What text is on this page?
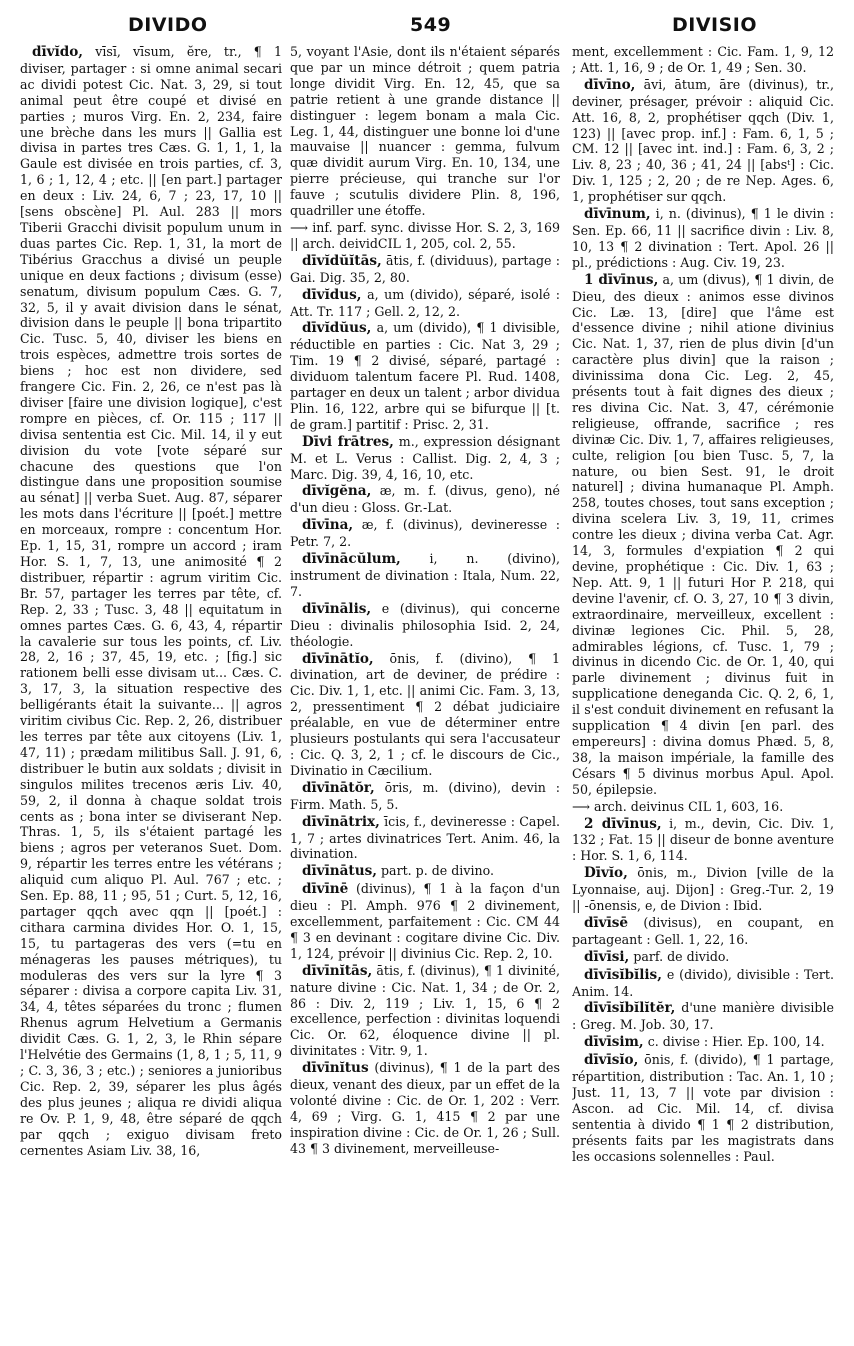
DIVIDO	549	DIVISIO

dīvĭdo, vīsī, vīsum, ĕre, tr., ¶ 1 diviser, partager : si omne animal secari ac dividi potest Cic. Nat. 3, 29, si tout animal peut être coupé et divisé en parties ; muros Virg. En. 2, 234, faire une brèche dans les murs || Gallia est divisa in partes tres Cæs. G. 1, 1, 1, la Gaule est divisée en trois parties, cf. 3, 1, 6 ; 1, 12, 4 ; etc. || [en part.] partager en deux : Liv. 24, 6, 7 ; 23, 17, 10 || [sens obscène] Pl. Aul. 283 || mors Tiberii Gracchi divisit populum unum in duas partes Cic. Rep. 1, 31, la mort de Tibérius Gracchus a divisé un peuple unique en deux factions ; divisum (esse) senatum, divisum populum Cæs. G. 7, 32, 5, il y avait division dans le sénat, division dans le peuple || bona tripartito Cic. Tusc. 5, 40, diviser les biens en trois espèces, admettre trois sortes de biens ; hoc est non dividere, sed frangere Cic. Fin. 2, 26, ce n'est pas là diviser [faire une division logique], c'est rompre en pièces, cf. Or. 115 ; 117 || divisa sententia est Cic. Mil. 14, il y eut division du vote [vote séparé sur chacune des questions que l'on distingue dans une proposition soumise au sénat] || verba Suet. Aug. 87, séparer les mots dans l'écriture || [poét.] mettre en morceaux, rompre : concentum Hor. Ep. 1, 15, 31, rompre un accord ; iram Hor. S. 1, 7, 13, une animosité ¶ 2 distribuer, répartir : agrum viritim Cic. Br. 57, partager les terres par tête, cf. Rep. 2, 33 ; Tusc. 3, 48 || equitatum in omnes partes Cæs. G. 6, 43, 4, répartir la cavalerie sur tous les points, cf. Liv. 28, 2, 16 ; 37, 45, 19, etc. ; [fig.] sic rationem belli esse divisam ut... Cæs. C. 3, 17, 3, la situation respective des belligérants était la suivante... || agros viritim civibus Cic. Rep. 2, 26, distribuer les terres par tête aux citoyens (Liv. 1, 47, 11) ; prædam militibus Sall. J. 91, 6, distribuer le butin aux soldats ; divisit in singulos milites trecenos æris Liv. 40, 59, 2, il donna à chaque soldat trois cents as ; bona inter se diviserant Nep. Thras. 1, 5, ils s'étaient partagé les biens ; agros per veteranos Suet. Dom. 9, répartir les terres entre les vétérans ; aliquid cum aliquo Pl. Aul. 767 ; etc. ; Sen. Ep. 88, 11 ; 95, 51 ; Curt. 5, 12, 16, partager qqch avec qqn || [poét.] : cithara carmina divides Hor. O. 1, 15, 15, tu partageras des vers (=tu en ménageras les pauses métriques), tu moduleras des vers sur la lyre ¶ 3 séparer : divisa a corpore capita Liv. 31, 34, 4, têtes séparées du tronc ; flumen Rhenus agrum Helvetium a Germanis dividit Cæs. G. 1, 2, 3, le Rhin sépare l'Helvétie des Germains (1, 8, 1 ; 5, 11, 9 ; C. 3, 36, 3 ; etc.) ; seniores a junioribus Cic. Rep. 2, 39, séparer les plus âgés des plus jeunes ; aliqua re dividi aliqua re Ov. P. 1, 9, 48, être séparé de qqch par qqch ; exiguo divisam freto cernentes Asiam Liv. 38, 16,

5, voyant l'Asie, dont ils n'étaient séparés que par un mince détroit ; quem patria longe dividit Virg. En. 12, 45, que sa patrie retient à une grande distance || distinguer : legem bonam a mala Cic. Leg. 1, 44, distinguer une bonne loi d'une mauvaise || nuancer : gemma, fulvum quæ dividit aurum Virg. En. 10, 134, une pierre précieuse, qui tranche sur l'or fauve ; scutulis dividere Plin. 8, 196, quadriller une étoffe.

⟶ inf. parf. sync. divisse Hor. S. 2, 3, 169 || arch. deividCIL 1, 205, col. 2, 55.

dīvĭdŭĭtās, ātis, f. (dividuus), partage : Gai. Dig. 35, 2, 80.

dīvĭdus, a, um (divido), séparé, isolé : Att. Tr. 117 ; Gell. 2, 12, 2.

dīvĭdŭus, a, um (divido), ¶ 1 divisible, réductible en parties : Cic. Nat 3, 29 ; Tim. 19 ¶ 2 divisé, séparé, partagé : dividuom talentum facere Pl. Rud. 1408, partager en deux un talent ; arbor dividua Plin. 16, 122, arbre qui se bifurque || [t. de gram.] partitif : Prisc. 2, 31.

Dīvi frātres, m., expression désignant M. et L. Verus : Callist. Dig. 2, 4, 3 ; Marc. Dig. 39, 4, 16, 10, etc.

dīvĭgĕna, æ, m. f. (divus, geno), né d'un dieu : Gloss. Gr.-Lat.

dīvīna, æ, f. (divinus), devineresse : Petr. 7, 2.

dīvīnācŭlum, i, n. (divino), instrument de divination : Itala, Num. 22, 7.

dīvīnālis, e (divinus), qui concerne Dieu : divinalis philosophia Isid. 2, 24, théologie.

dīvīnātĭo, ōnis, f. (divino), ¶ 1 divination, art de deviner, de prédire : Cic. Div. 1, 1, etc. || animi Cic. Fam. 3, 13, 2, pressentiment ¶ 2 débat judiciaire préalable, en vue de déterminer entre plusieurs postulants qui sera l'accusateur : Cic. Q. 3, 2, 1 ; cf. le discours de Cic., Divinatio in Cæcilium.

dīvīnātŏr, ōris, m. (divino), devin : Firm. Math. 5, 5.

dīvīnātrix, īcis, f., devineresse : Capel. 1, 7 ; artes divinatrices Tert. Anim. 46, la divination.

dīvīnātus, part. p. de divino.

dīvīnē (divinus), ¶ 1 à la façon d'un dieu : Pl. Amph. 976 ¶ 2 divinement, excellemment, parfaitement : Cic. CM 44 ¶ 3 en devinant : cogitare divine Cic. Div. 1, 124, prévoir || divinius Cic. Rep. 2, 10.

dīvīnĭtās, ātis, f. (divinus), ¶ 1 divinité, nature divine : Cic. Nat. 1, 34 ; de Or. 2, 86 : Div. 2, 119 ; Liv. 1, 15, 6 ¶ 2 excellence, perfection : divinitas loquendi Cic. Or. 62, éloquence divine || pl. divinitates : Vitr. 9, 1.

dīvīnĭtus (divinus), ¶ 1 de la part des dieux, venant des dieux, par un effet de la volonté divine : Cic. de Or. 1, 202 : Verr. 4, 69 ; Virg. G. 1, 415 ¶ 2 par une inspiration divine : Cic. de Or. 1, 26 ; Sull. 43 ¶ 3 divinement, merveilleuse-

ment, excellemment : Cic. Fam. 1, 9, 12 ; Att. 1, 16, 9 ; de Or. 1, 49 ; Sen. 30.

dīvīno, āvi, ātum, āre (divinus), tr., deviner, présager, prévoir : aliquid Cic. Att. 16, 8, 2, prophétiser qqch (Div. 1, 123) || [avec prop. inf.] : Fam. 6, 1, 5 ; CM. 12 || [avec int. ind.] : Fam. 6, 3, 2 ; Liv. 8, 23 ; 40, 36 ; 41, 24 || [absᵗ] : Cic. Div. 1, 125 ; 2, 20 ; de re Nep. Ages. 6, 1, prophétiser sur qqch.

dīvīnum, i, n. (divinus), ¶ 1 le divin : Sen. Ep. 66, 11 || sacrifice divin : Liv. 8, 10, 13 ¶ 2 divination : Tert. Apol. 26 || pl., prédictions : Aug. Civ. 19, 23.

1 dīvīnus, a, um (divus), ¶ 1 divin, de Dieu, des dieux : animos esse divinos Cic. Læ. 13, [dire] que l'âme est d'essence divine ; nihil atione divinius Cic. Nat. 1, 37, rien de plus divin [d'un caractère plus divin] que la raison ; divinissima dona Cic. Leg. 2, 45, présents tout à fait dignes des dieux ; res divina Cic. Nat. 3, 47, cérémonie religieuse, offrande, sacrifice ; res divinæ Cic. Div. 1, 7, affaires religieuses, culte, religion [ou bien Tusc. 5, 7, la nature, ou bien Sest. 91, le droit naturel] ; divina humanaque Pl. Amph. 258, toutes choses, tout sans exception ; divina scelera Liv. 3, 19, 11, crimes contre les dieux ; divina verba Cat. Agr. 14, 3, formules d'expiation ¶ 2 qui devine, prophétique : Cic. Div. 1, 63 ; Nep. Att. 9, 1 || futuri Hor P. 218, qui devine l'avenir, cf. O. 3, 27, 10 ¶ 3 divin, extraordinaire, merveilleux, excellent : divinæ legiones Cic. Phil. 5, 28, admirables légions, cf. Tusc. 1, 79 ; divinus in dicendo Cic. de Or. 1, 40, qui parle divinement ; divinus fuit in supplicatione deneganda Cic. Q. 2, 6, 1, il s'est conduit divinement en refusant la supplication ¶ 4 divin [en parl. des empereurs] : divina domus Phæd. 5, 8, 38, la maison impériale, la famille des Césars ¶ 5 divinus morbus Apul. Apol. 50, épilepsie.

⟶ arch. deivinus CIL 1, 603, 16.

2 dīvīnus, i, m., devin, Cic. Div. 1, 132 ; Fat. 15 || diseur de bonne aventure : Hor. S. 1, 6, 114.

Dīvĭo, ōnis, m., Divion [ville de la Lyonnaise, auj. Dijon] : Greg.-Tur. 2, 19 || -ōnensis, e, de Divion : Ibid.

dīvīsē (divisus), en coupant, en partageant : Gell. 1, 22, 16.

dīvīsi, parf. de divido.

dīvīsĭbĭlis, e (divido), divisible : Tert. Anim. 14.

dīvīsĭbĭlĭtĕr, d'une manière divisible : Greg. M. Job. 30, 17.

dīvīsim, c. divise : Hier. Ep. 100, 14.

dīvīsĭo, ōnis, f. (divido), ¶ 1 partage, répartition, distribution : Tac. An. 1, 10 ; Just. 11, 13, 7 || vote par division : Ascon. ad Cic. Mil. 14, cf. divisa sententia à divido ¶ 1 ¶ 2 distribution, présents faits par les magistrats dans les occasions solennelles : Paul.
